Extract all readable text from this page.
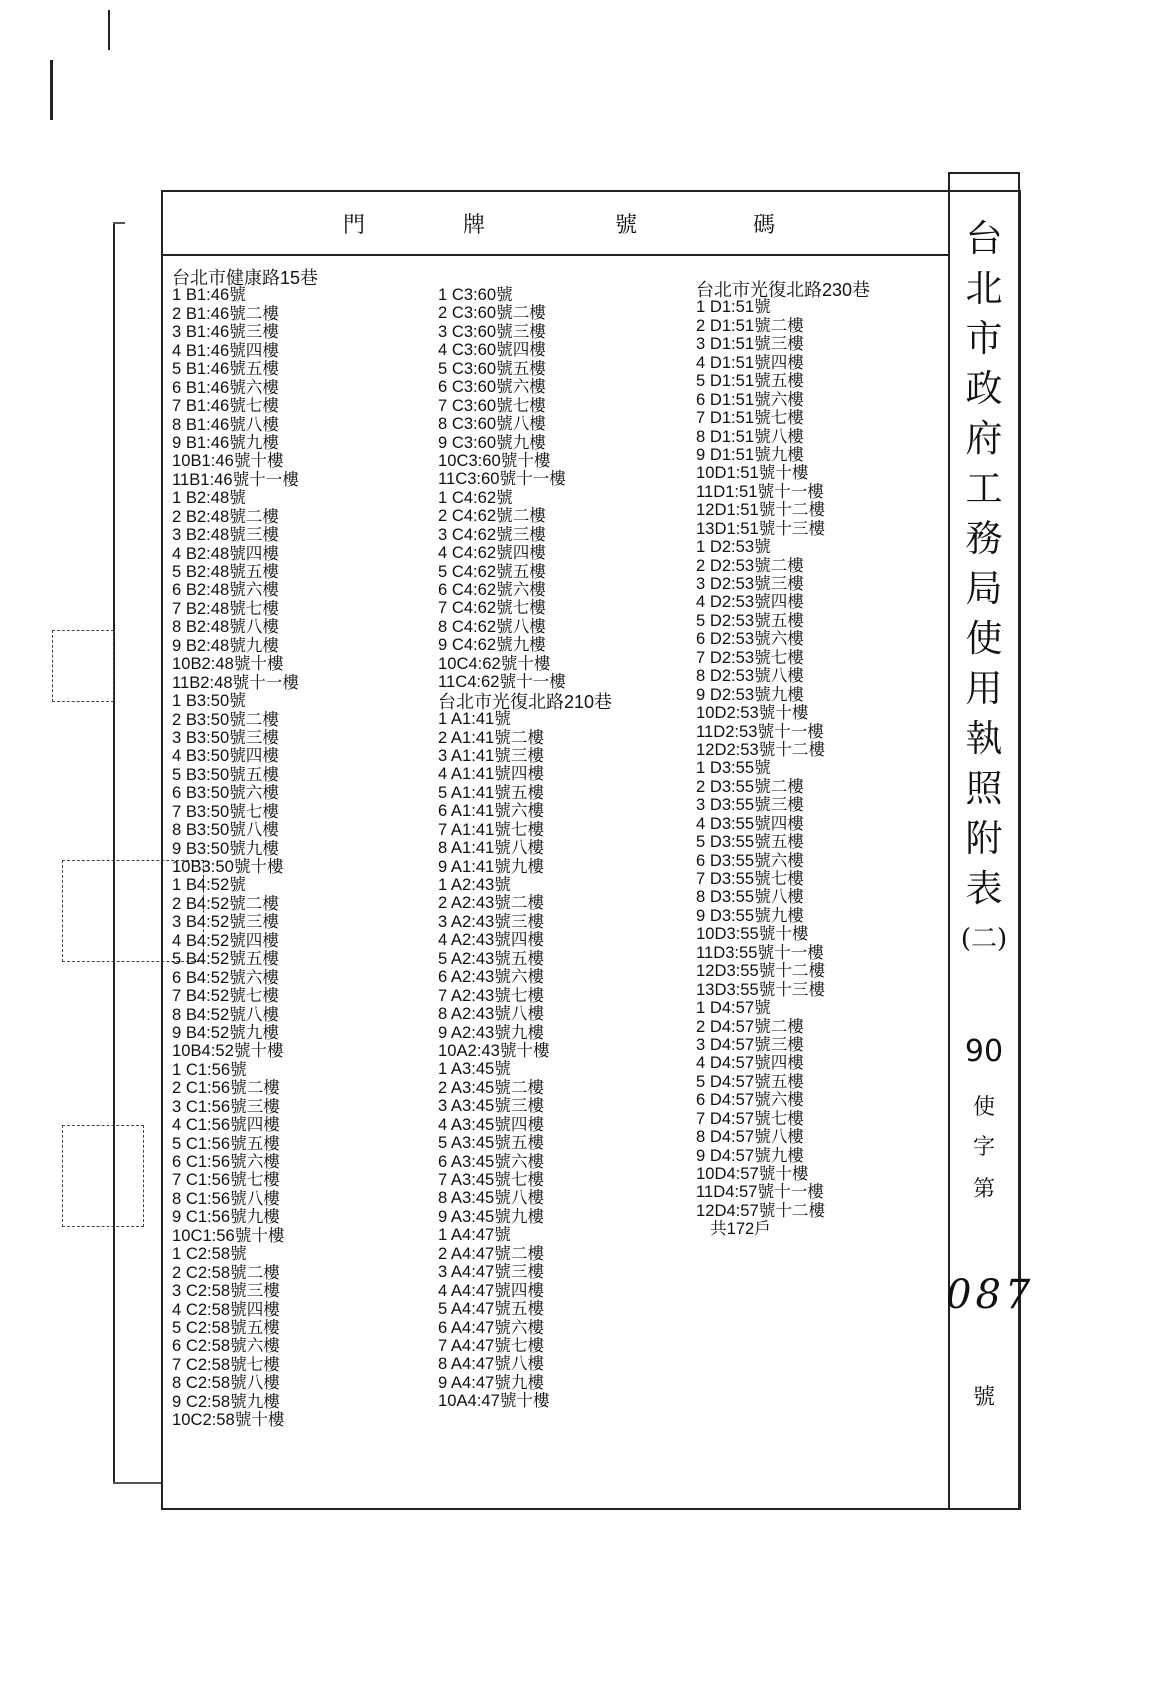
門	牌	號	碼	台
北
市
政
府
工
務
局
使
用
執
照
附
表
(二)
90
使
字
第
087
號
台北市健康路15巷
1 B1:46號
2 B1:46號二樓
3 B1:46號三樓
4 B1:46號四樓
5 B1:46號五樓
6 B1:46號六樓
7 B1:46號七樓
8 B1:46號八樓
9 B1:46號九樓
10B1:46號十樓
11B1:46號十一樓
1 B2:48號
2 B2:48號二樓
3 B2:48號三樓
4 B2:48號四樓
5 B2:48號五樓
6 B2:48號六樓
7 B2:48號七樓
8 B2:48號八樓
9 B2:48號九樓
10B2:48號十樓
11B2:48號十一樓
1 B3:50號
2 B3:50號二樓
3 B3:50號三樓
4 B3:50號四樓
5 B3:50號五樓
6 B3:50號六樓
7 B3:50號七樓
8 B3:50號八樓
9 B3:50號九樓
10B3:50號十樓
1 B4:52號
2 B4:52號二樓
3 B4:52號三樓
4 B4:52號四樓
5 B4:52號五樓
6 B4:52號六樓
7 B4:52號七樓
8 B4:52號八樓
9 B4:52號九樓
10B4:52號十樓
1 C1:56號
2 C1:56號二樓
3 C1:56號三樓
4 C1:56號四樓
5 C1:56號五樓
6 C1:56號六樓
7 C1:56號七樓
8 C1:56號八樓
9 C1:56號九樓
10C1:56號十樓
1 C2:58號
2 C2:58號二樓
3 C2:58號三樓
4 C2:58號四樓
5 C2:58號五樓
6 C2:58號六樓
7 C2:58號七樓
8 C2:58號八樓
9 C2:58號九樓
10C2:58號十樓
1 C3:60號
2 C3:60號二樓
3 C3:60號三樓
4 C3:60號四樓
5 C3:60號五樓
6 C3:60號六樓
7 C3:60號七樓
8 C3:60號八樓
9 C3:60號九樓
10C3:60號十樓
11C3:60號十一樓
1 C4:62號
2 C4:62號二樓
3 C4:62號三樓
4 C4:62號四樓
5 C4:62號五樓
6 C4:62號六樓
7 C4:62號七樓
8 C4:62號八樓
9 C4:62號九樓
10C4:62號十樓
11C4:62號十一樓
台北市光復北路210巷
1 A1:41號
2 A1:41號二樓
3 A1:41號三樓
4 A1:41號四樓
5 A1:41號五樓
6 A1:41號六樓
7 A1:41號七樓
8 A1:41號八樓
9 A1:41號九樓
1 A2:43號
2 A2:43號二樓
3 A2:43號三樓
4 A2:43號四樓
5 A2:43號五樓
6 A2:43號六樓
7 A2:43號七樓
8 A2:43號八樓
9 A2:43號九樓
10A2:43號十樓
1 A3:45號
2 A3:45號二樓
3 A3:45號三樓
4 A3:45號四樓
5 A3:45號五樓
6 A3:45號六樓
7 A3:45號七樓
8 A3:45號八樓
9 A3:45號九樓
1 A4:47號
2 A4:47號二樓
3 A4:47號三樓
4 A4:47號四樓
5 A4:47號五樓
6 A4:47號六樓
7 A4:47號七樓
8 A4:47號八樓
9 A4:47號九樓
10A4:47號十樓
台北市光復北路230巷
1 D1:51號
2 D1:51號二樓
3 D1:51號三樓
4 D1:51號四樓
5 D1:51號五樓
6 D1:51號六樓
7 D1:51號七樓
8 D1:51號八樓
9 D1:51號九樓
10D1:51號十樓
11D1:51號十一樓
12D1:51號十二樓
13D1:51號十三樓
1 D2:53號
2 D2:53號二樓
3 D2:53號三樓
4 D2:53號四樓
5 D2:53號五樓
6 D2:53號六樓
7 D2:53號七樓
8 D2:53號八樓
9 D2:53號九樓
10D2:53號十樓
11D2:53號十一樓
12D2:53號十二樓
1 D3:55號
2 D3:55號二樓
3 D3:55號三樓
4 D3:55號四樓
5 D3:55號五樓
6 D3:55號六樓
7 D3:55號七樓
8 D3:55號八樓
9 D3:55號九樓
10D3:55號十樓
11D3:55號十一樓
12D3:55號十二樓
13D3:55號十三樓
1 D4:57號
2 D4:57號二樓
3 D4:57號三樓
4 D4:57號四樓
5 D4:57號五樓
6 D4:57號六樓
7 D4:57號七樓
8 D4:57號八樓
9 D4:57號九樓
10D4:57號十樓
11D4:57號十一樓
12D4:57號十二樓
共172戶
